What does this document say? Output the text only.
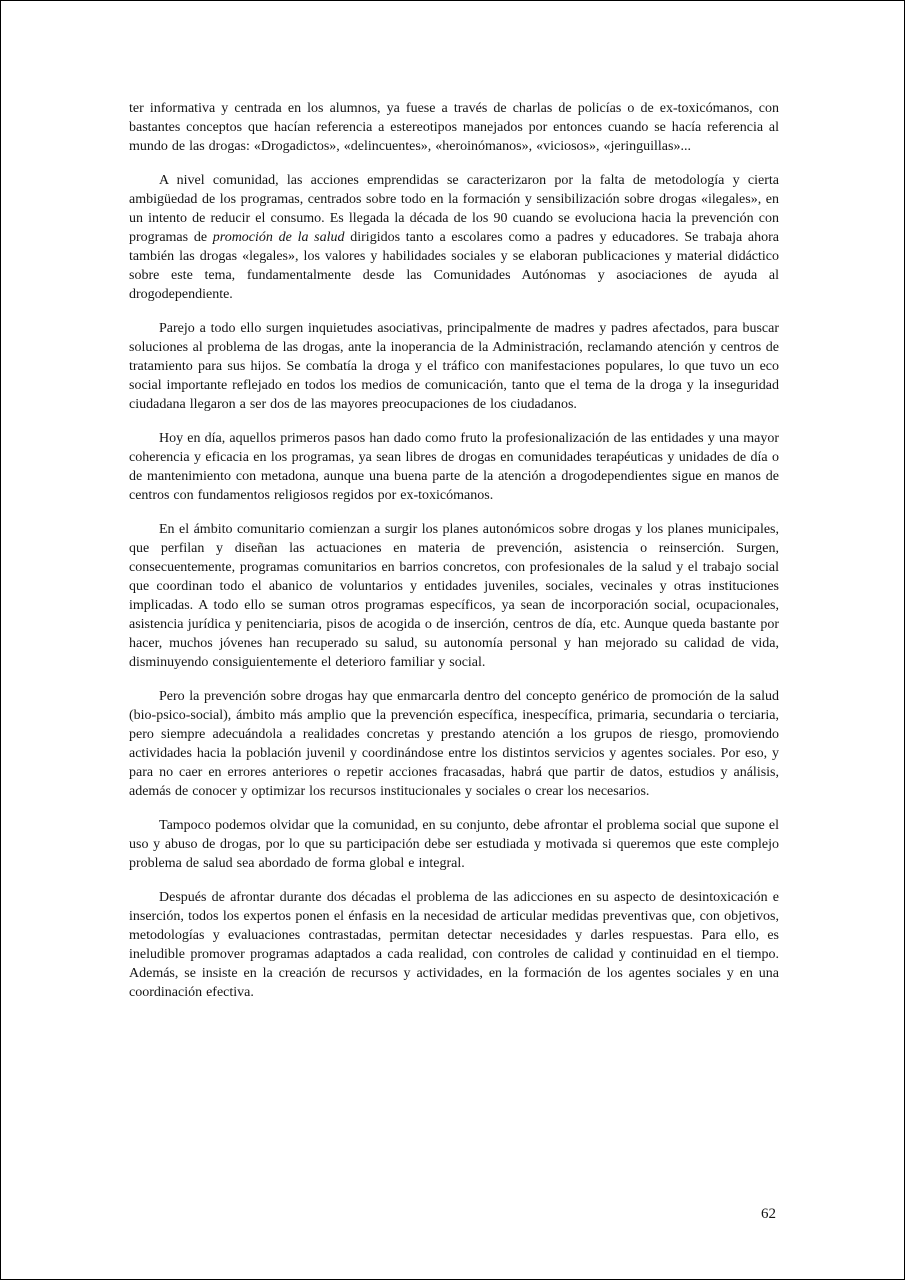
ter informativa y centrada en los alumnos, ya fuese a través de charlas de policías o de ex-toxicómanos, con bastantes conceptos que hacían referencia a estereotipos manejados por entonces cuando se hacía referencia al mundo de las drogas: «Drogadictos», «delincuentes», «heroinómanos», «viciosos», «jeringuillas»...

A nivel comunidad, las acciones emprendidas se caracterizaron por la falta de metodología y cierta ambigüedad de los programas, centrados sobre todo en la formación y sensibilización sobre drogas «ilegales», en un intento de reducir el consumo. Es llegada la década de los 90 cuando se evoluciona hacia la prevención con programas de promoción de la salud dirigidos tanto a escolares como a padres y educadores. Se trabaja ahora también las drogas «legales», los valores y habilidades sociales y se elaboran publicaciones y material didáctico sobre este tema, fundamentalmente desde las Comunidades Autónomas y asociaciones de ayuda al drogodependiente.

Parejo a todo ello surgen inquietudes asociativas, principalmente de madres y padres afectados, para buscar soluciones al problema de las drogas, ante la inoperancia de la Administración, reclamando atención y centros de tratamiento para sus hijos. Se combatía la droga y el tráfico con manifestaciones populares, lo que tuvo un eco social importante reflejado en todos los medios de comunicación, tanto que el tema de la droga y la inseguridad ciudadana llegaron a ser dos de las mayores preocupaciones de los ciudadanos.

Hoy en día, aquellos primeros pasos han dado como fruto la profesionalización de las entidades y una mayor coherencia y eficacia en los programas, ya sean libres de drogas en comunidades terapéuticas y unidades de día o de mantenimiento con metadona, aunque una buena parte de la atención a drogodependientes sigue en manos de centros con fundamentos religiosos regidos por ex-toxicómanos.

En el ámbito comunitario comienzan a surgir los planes autonómicos sobre drogas y los planes municipales, que perfilan y diseñan las actuaciones en materia de prevención, asistencia o reinserción. Surgen, consecuentemente, programas comunitarios en barrios concretos, con profesionales de la salud y el trabajo social que coordinan todo el abanico de voluntarios y entidades juveniles, sociales, vecinales y otras instituciones implicadas. A todo ello se suman otros programas específicos, ya sean de incorporación social, ocupacionales, asistencia jurídica y penitenciaria, pisos de acogida o de inserción, centros de día, etc. Aunque queda bastante por hacer, muchos jóvenes han recuperado su salud, su autonomía personal y han mejorado su calidad de vida, disminuyendo consiguientemente el deterioro familiar y social.

Pero la prevención sobre drogas hay que enmarcarla dentro del concepto genérico de promoción de la salud (bio-psico-social), ámbito más amplio que la prevención específica, inespecífica, primaria, secundaria o terciaria, pero siempre adecuándola a realidades concretas y prestando atención a los grupos de riesgo, promoviendo actividades hacia la población juvenil y coordinándose entre los distintos servicios y agentes sociales. Por eso, y para no caer en errores anteriores o repetir acciones fracasadas, habrá que partir de datos, estudios y análisis, además de conocer y optimizar los recursos institucionales y sociales o crear los necesarios.

Tampoco podemos olvidar que la comunidad, en su conjunto, debe afrontar el problema social que supone el uso y abuso de drogas, por lo que su participación debe ser estudiada y motivada si queremos que este complejo problema de salud sea abordado de forma global e integral.

Después de afrontar durante dos décadas el problema de las adicciones en su aspecto de desintoxicación e inserción, todos los expertos ponen el énfasis en la necesidad de articular medidas preventivas que, con objetivos, metodologías y evaluaciones contrastadas, permitan detectar necesidades y darles respuestas. Para ello, es ineludible promover programas adaptados a cada realidad, con controles de calidad y continuidad en el tiempo. Además, se insiste en la creación de recursos y actividades, en la formación de los agentes sociales y en una coordinación efectiva.

62
